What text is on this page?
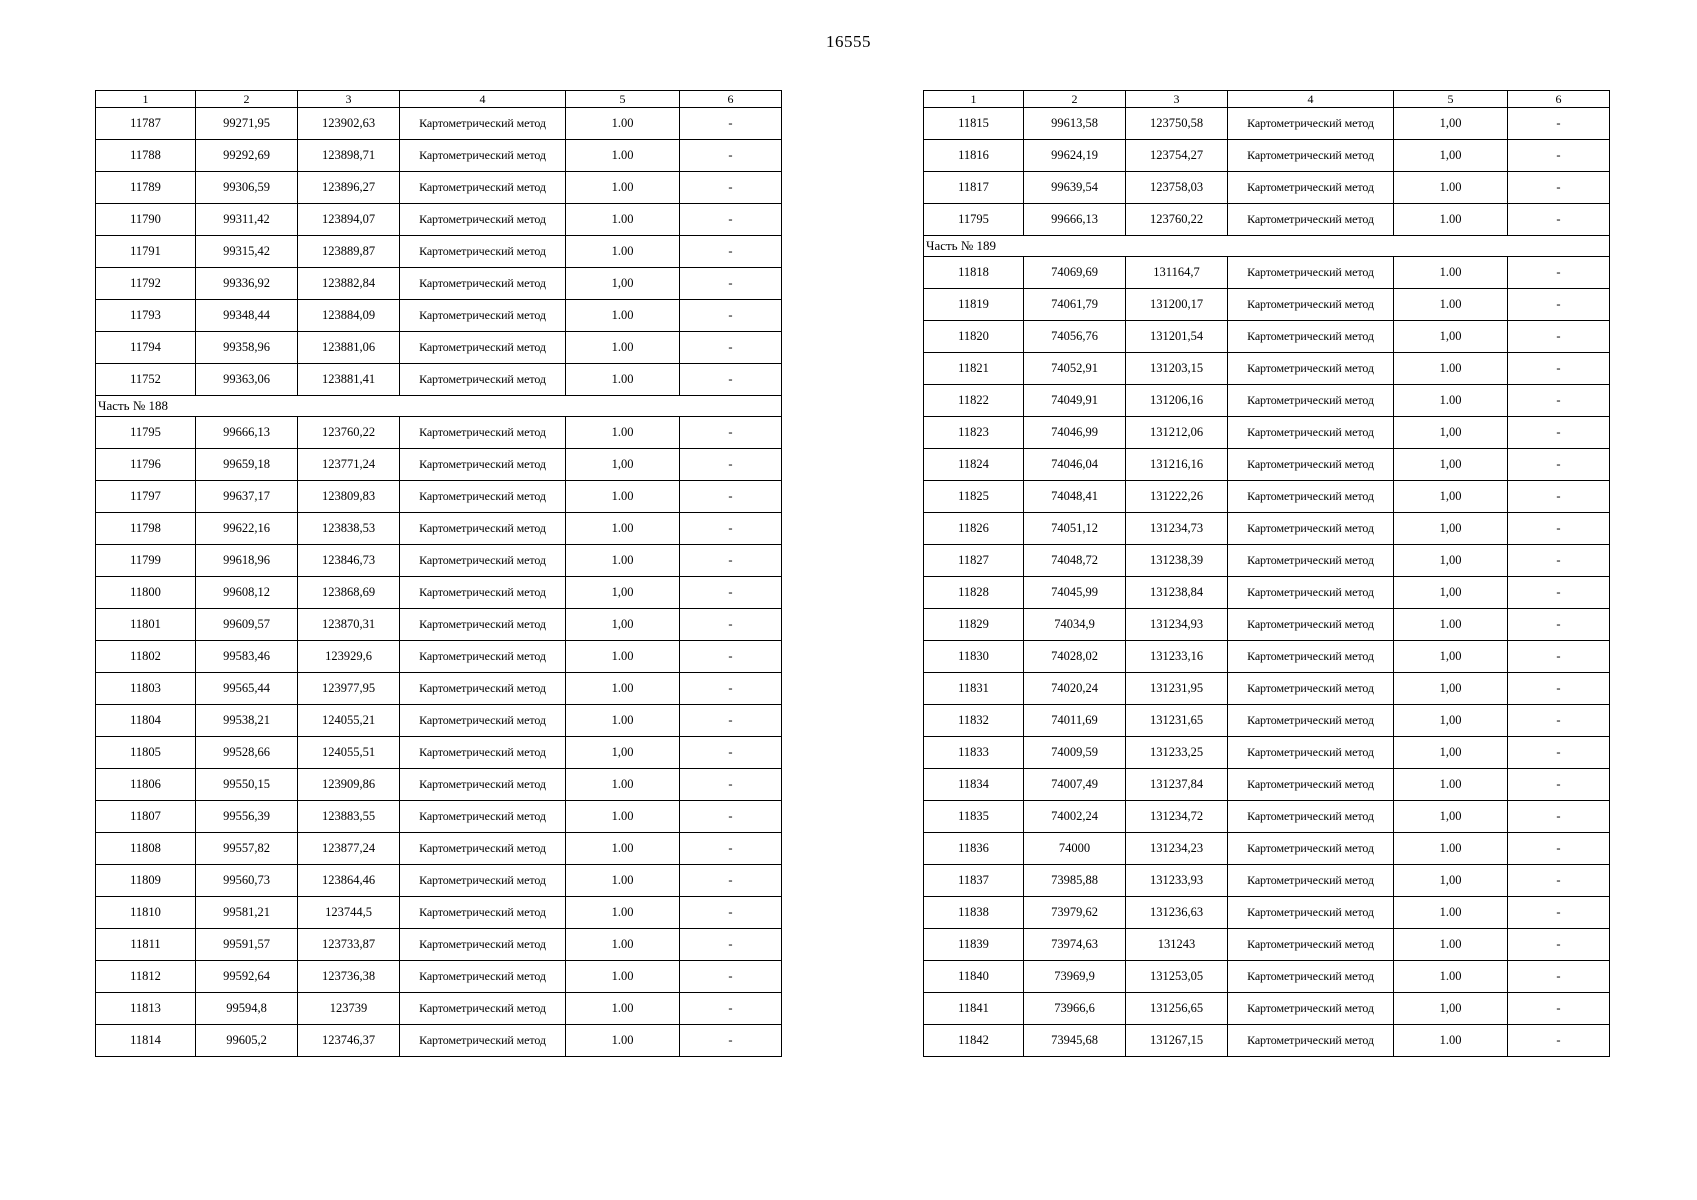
16555
1	2	3	4	5	6
11787	99271,95	123902,63	Картометрический метод	1.00	-
11788	99292,69	123898,71	Картометрический метод	1.00	-
11789	99306,59	123896,27	Картометрический метод	1.00	-
11790	99311,42	123894,07	Картометрический метод	1.00	-
11791	99315,42	123889,87	Картометрический метод	1.00	-
11792	99336,92	123882,84	Картометрический метод	1,00	-
11793	99348,44	123884,09	Картометрический метод	1.00	-
11794	99358,96	123881,06	Картометрический метод	1.00	-
11752	99363,06	123881,41	Картометрический метод	1.00	-
Часть № 188					
11795	99666,13	123760,22	Картометрический метод	1.00	-
11796	99659,18	123771,24	Картометрический метод	1,00	-
11797	99637,17	123809,83	Картометрический метод	1.00	-
11798	99622,16	123838,53	Картометрический метод	1.00	-
11799	99618,96	123846,73	Картометрический метод	1.00	-
11800	99608,12	123868,69	Картометрический метод	1,00	-
11801	99609,57	123870,31	Картометрический метод	1,00	-
11802	99583,46	123929,6	Картометрический метод	1.00	-
11803	99565,44	123977,95	Картометрический метод	1.00	-
11804	99538,21	124055,21	Картометрический метод	1.00	-
11805	99528,66	124055,51	Картометрический метод	1,00	-
11806	99550,15	123909,86	Картометрический метод	1.00	-
11807	99556,39	123883,55	Картометрический метод	1.00	-
11808	99557,82	123877,24	Картометрический метод	1.00	-
11809	99560,73	123864,46	Картометрический метод	1.00	-
11810	99581,21	123744,5	Картометрический метод	1.00	-
11811	99591,57	123733,87	Картометрический метод	1.00	-
11812	99592,64	123736,38	Картометрический метод	1.00	-
11813	99594,8	123739	Картометрический метод	1.00	-
11814	99605,2	123746,37	Картометрический метод	1.00	-
1	2	3	4	5	6
11815	99613,58	123750,58	Картометрический метод	1,00	-
11816	99624,19	123754,27	Картометрический метод	1,00	-
11817	99639,54	123758,03	Картометрический метод	1.00	-
11795	99666,13	123760,22	Картометрический метод	1.00	-
Часть № 189					
11818	74069,69	131164,7	Картометрический метод	1.00	-
11819	74061,79	131200,17	Картометрический метод	1.00	-
11820	74056,76	131201,54	Картометрический метод	1,00	-
11821	74052,91	131203,15	Картометрический метод	1.00	-
11822	74049,91	131206,16	Картометрический метод	1.00	-
11823	74046,99	131212,06	Картометрический метод	1,00	-
11824	74046,04	131216,16	Картометрический метод	1,00	-
11825	74048,41	131222,26	Картометрический метод	1,00	-
11826	74051,12	131234,73	Картометрический метод	1,00	-
11827	74048,72	131238,39	Картометрический метод	1,00	-
11828	74045,99	131238,84	Картометрический метод	1,00	-
11829	74034,9	131234,93	Картометрический метод	1.00	-
11830	74028,02	131233,16	Картометрический метод	1,00	-
11831	74020,24	131231,95	Картометрический метод	1,00	-
11832	74011,69	131231,65	Картометрический метод	1,00	-
11833	74009,59	131233,25	Картометрический метод	1,00	-
11834	74007,49	131237,84	Картометрический метод	1.00	-
11835	74002,24	131234,72	Картометрический метод	1,00	-
11836	74000	131234,23	Картометрический метод	1.00	-
11837	73985,88	131233,93	Картометрический метод	1,00	-
11838	73979,62	131236,63	Картометрический метод	1.00	-
11839	73974,63	131243	Картометрический метод	1.00	-
11840	73969,9	131253,05	Картометрический метод	1.00	-
11841	73966,6	131256,65	Картометрический метод	1,00	-
11842	73945,68	131267,15	Картометрический метод	1.00	-
